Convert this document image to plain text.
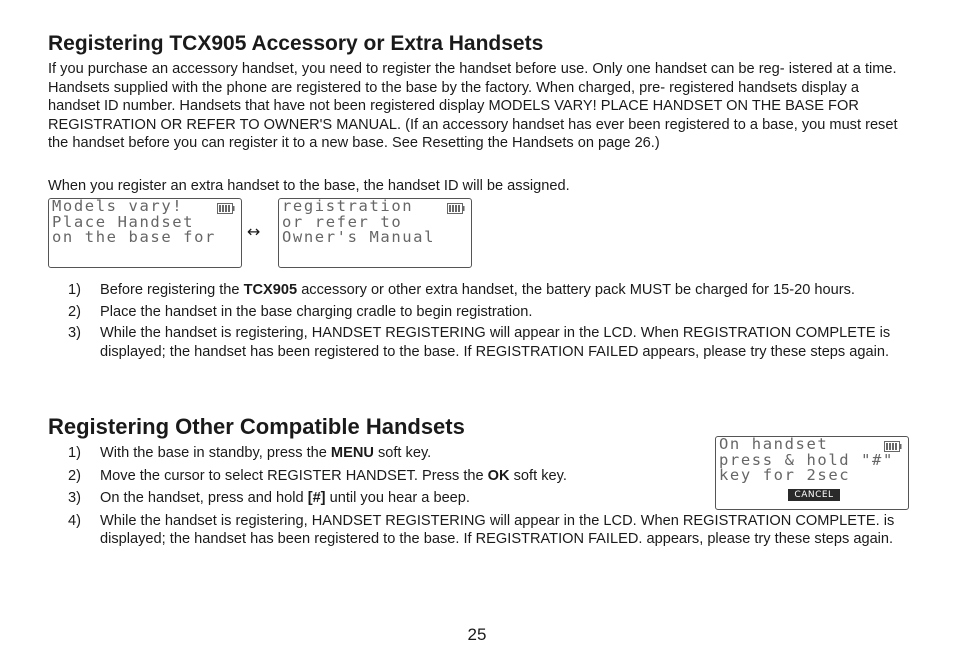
Registering TCX905 Accessory or Extra Handsets

If you purchase an accessory handset, you need to register the handset before use. Only one handset can be reg- istered at a time. Handsets supplied with the phone are registered to the base by the factory. When charged, pre- registered handsets display a handset ID number. Handsets that have not been registered display MODELS VARY! PLACE HANDSET ON THE BASE FOR REGISTRATION OR REFER TO OWNER'S MANUAL. (If an accessory handset has ever been registered to a base, you must reset the handset before you can register it to a new base. See Resetting the Handsets on page 26.)

When you register an extra handset to the base, the handset ID will be assigned.

Models vary!
Place Handset
on the base for	↔
registration
or refer to
Owner's Manual
1) Before registering the TCX905 accessory or other extra handset, the battery pack MUST be charged for 15-20 hours.
2) Place the handset in the base charging cradle to begin registration.
3) While the handset is registering, HANDSET REGISTERING will appear in the LCD. When REGISTRATION COMPLETE is displayed; the handset has been registered to the base. If REGISTRATION FAILED appears, please try these steps again.
Registering Other Compatible Handsets
On handset
press & hold "#"
key for 2sec
CANCEL
1) With the base in standby, press the MENU soft key.
2) Move the cursor to select REGISTER HANDSET. Press the OK soft key.
3) On the handset, press and hold [#] until you hear a beep.
4) While the handset is registering, HANDSET REGISTERING will appear in the LCD. When REGISTRATION COMPLETE. is displayed; the handset has been registered to the base. If REGISTRATION FAILED. appears, please try these steps again.
25
